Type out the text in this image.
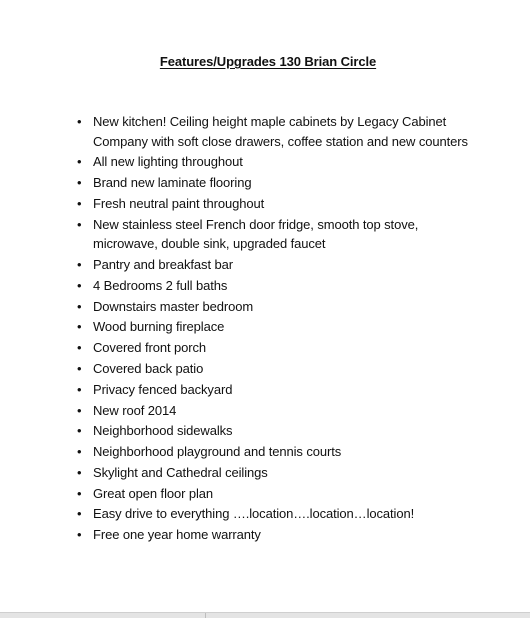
Features/Upgrades 130 Brian Circle
• New kitchen! Ceiling height maple cabinets by Legacy Cabinet Company with soft close drawers, coffee station and new counters
• All new lighting throughout
• Brand new laminate flooring
• Fresh neutral paint throughout
• New stainless steel French door fridge, smooth top stove, microwave, double sink, upgraded faucet
• Pantry and breakfast bar
• 4 Bedrooms 2 full baths
• Downstairs master bedroom
• Wood burning fireplace
• Covered front porch
• Covered back patio
• Privacy fenced backyard
• New roof 2014
• Neighborhood sidewalks
• Neighborhood playground and tennis courts
• Skylight and Cathedral ceilings
• Great open floor plan
• Easy drive to everything ….location….location…location!
• Free one year home warranty
